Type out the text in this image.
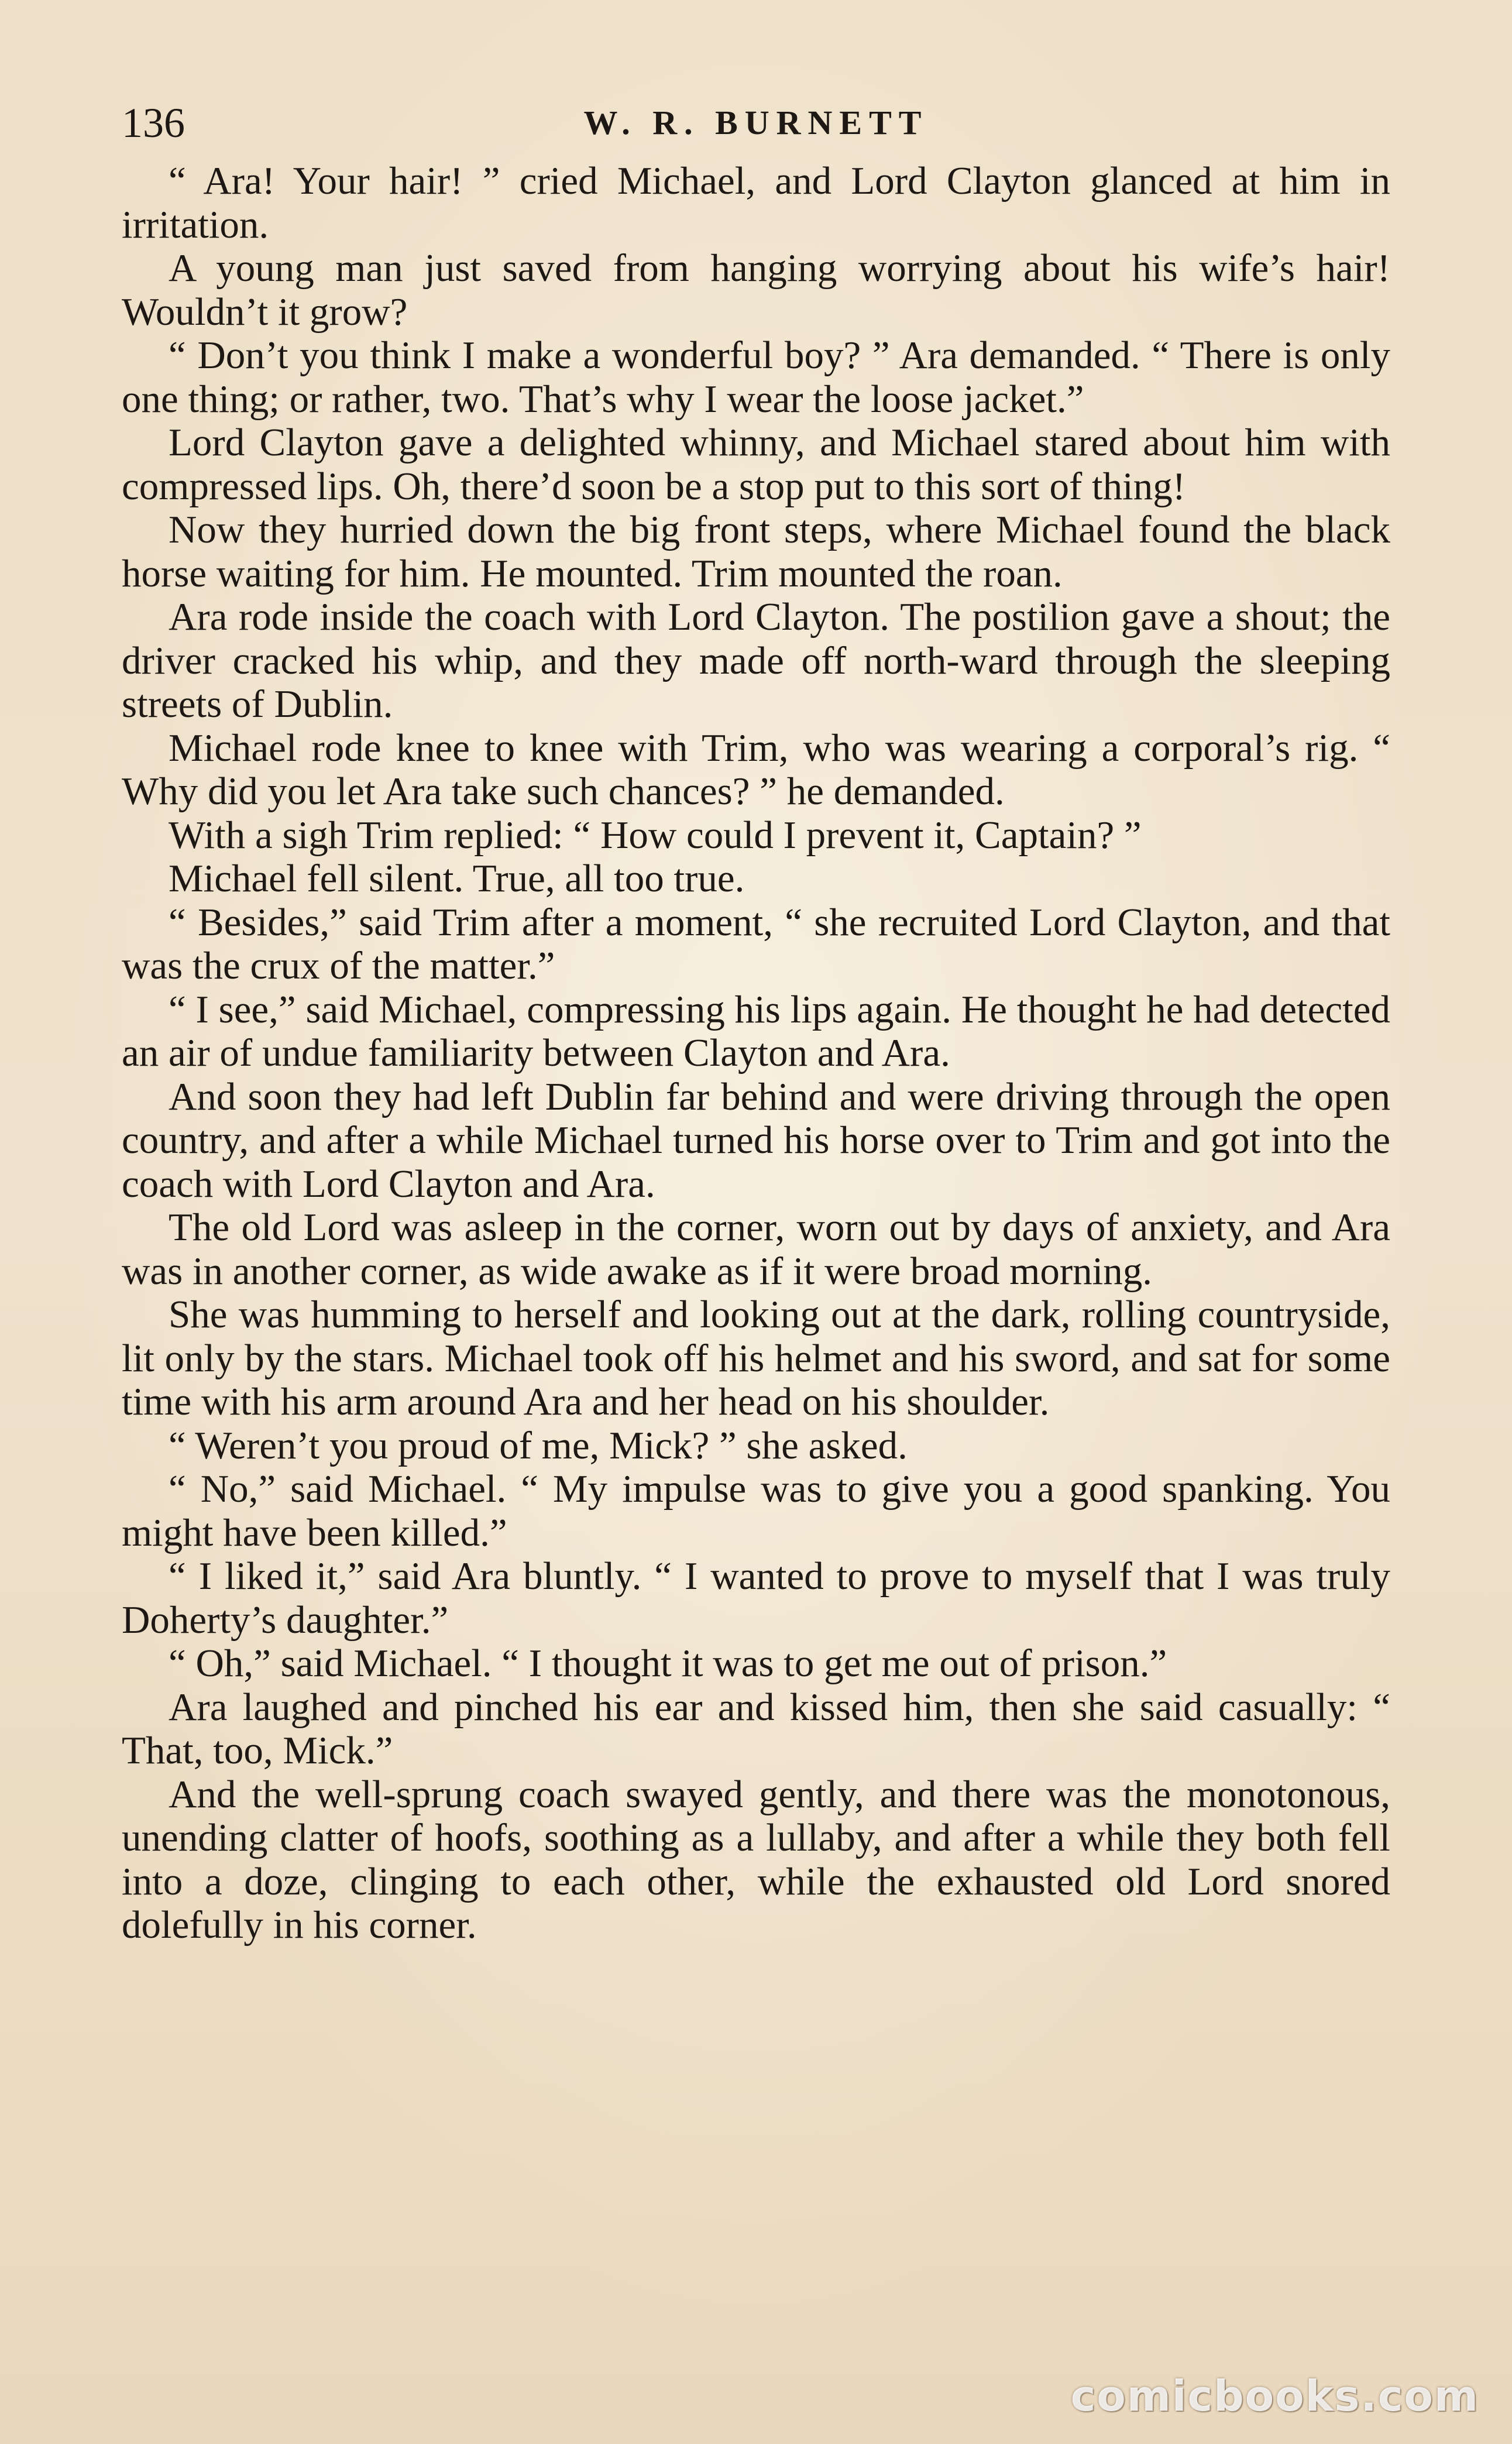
136	W. R. BURNETT

“ Ara! Your hair! ” cried Michael, and Lord Clayton glanced at him in irritation.

A young man just saved from hanging worrying about his wife’s hair! Wouldn’t it grow?

“ Don’t you think I make a wonderful boy? ” Ara demanded. “ There is only one thing; or rather, two. That’s why I wear the loose jacket.”

Lord Clayton gave a delighted whinny, and Michael stared about him with compressed lips. Oh, there’d soon be a stop put to this sort of thing!

Now they hurried down the big front steps, where Michael found the black horse waiting for him. He mounted. Trim mounted the roan.

Ara rode inside the coach with Lord Clayton. The postilion gave a shout; the driver cracked his whip, and they made off north-ward through the sleeping streets of Dublin.

Michael rode knee to knee with Trim, who was wearing a corporal’s rig. “ Why did you let Ara take such chances? ” he demanded.

With a sigh Trim replied: “ How could I prevent it, Captain? ”

Michael fell silent. True, all too true.

“ Besides,” said Trim after a moment, “ she recruited Lord Clayton, and that was the crux of the matter.”

“ I see,” said Michael, compressing his lips again. He thought he had detected an air of undue familiarity between Clayton and Ara.

And soon they had left Dublin far behind and were driving through the open country, and after a while Michael turned his horse over to Trim and got into the coach with Lord Clayton and Ara.

The old Lord was asleep in the corner, worn out by days of anxiety, and Ara was in another corner, as wide awake as if it were broad morning.

She was humming to herself and looking out at the dark, rolling countryside, lit only by the stars. Michael took off his helmet and his sword, and sat for some time with his arm around Ara and her head on his shoulder.

“ Weren’t you proud of me, Mick? ” she asked.

“ No,” said Michael. “ My impulse was to give you a good spanking. You might have been killed.”

“ I liked it,” said Ara bluntly. “ I wanted to prove to myself that I was truly Doherty’s daughter.”

“ Oh,” said Michael. “ I thought it was to get me out of prison.”

Ara laughed and pinched his ear and kissed him, then she said casually: “ That, too, Mick.”

And the well-sprung coach swayed gently, and there was the monotonous, unending clatter of hoofs, soothing as a lullaby, and after a while they both fell into a doze, clinging to each other, while the exhausted old Lord snored dolefully in his corner.

comicbooks.com
